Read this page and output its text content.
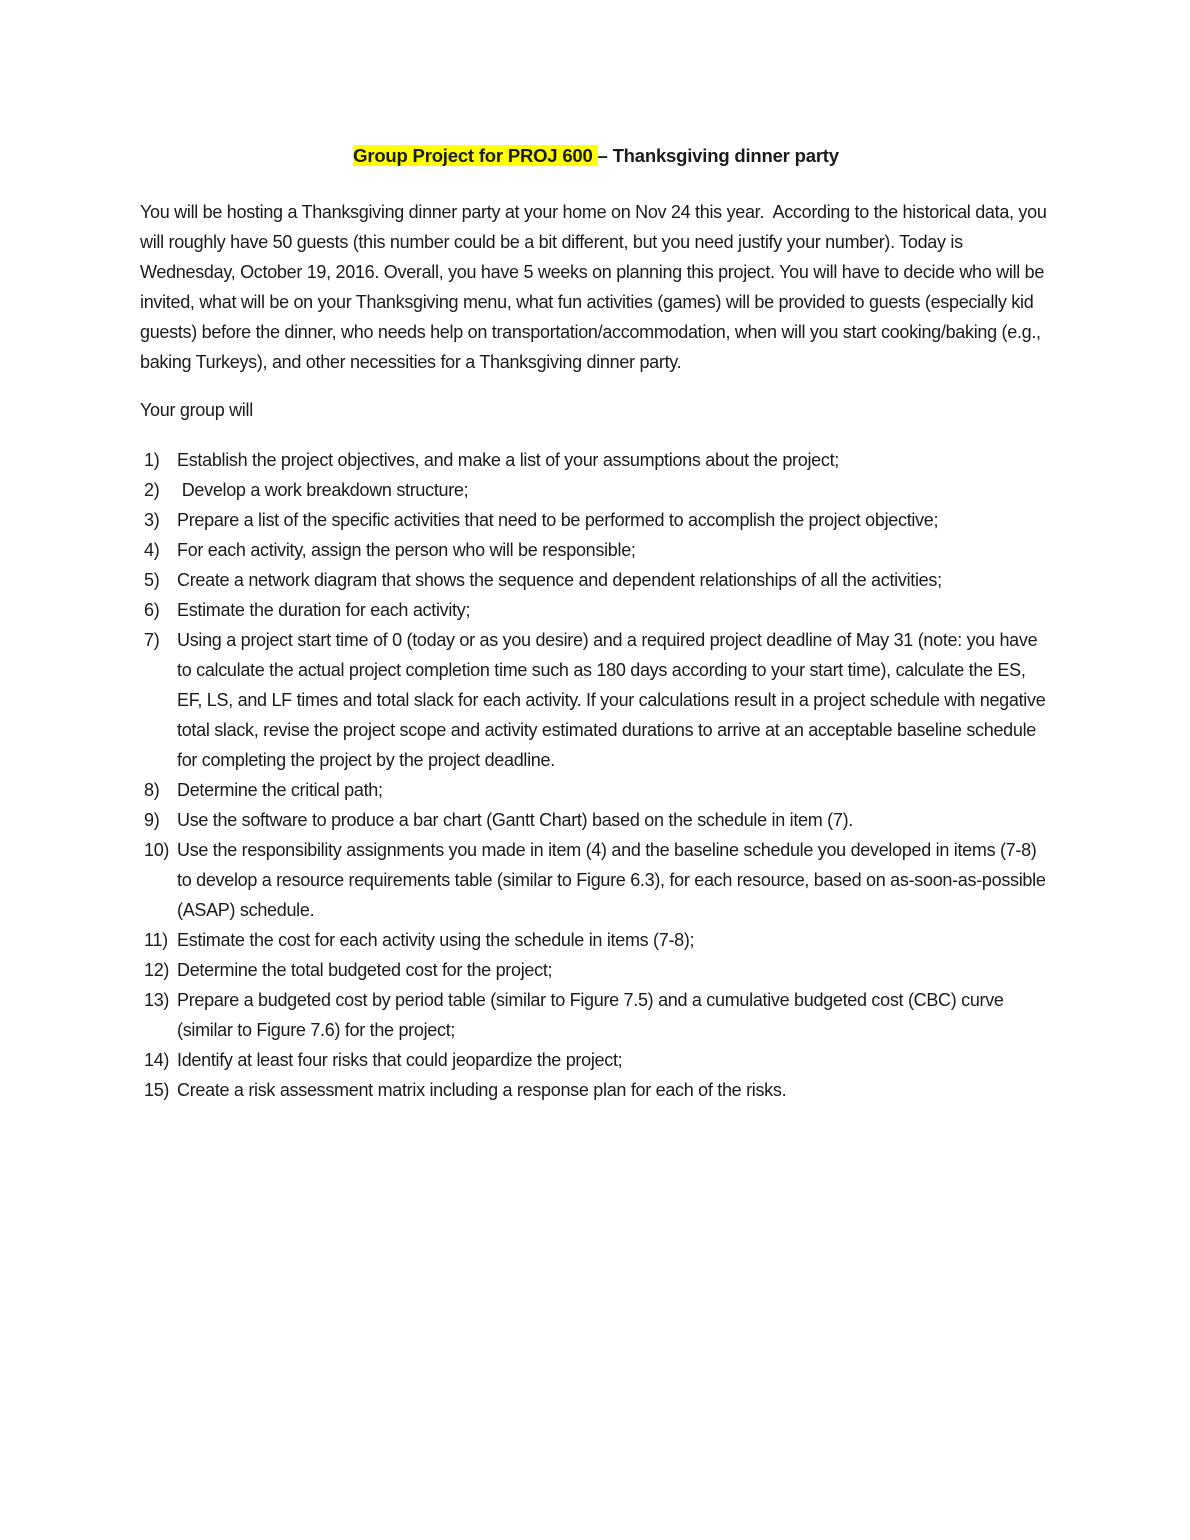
Group Project for PROJ 600 – Thanksgiving dinner party

You will be hosting a Thanksgiving dinner party at your home on Nov 24 this year.  According to the historical data, you will roughly have 50 guests (this number could be a bit different, but you need justify your number). Today is Wednesday, October 19, 2016. Overall, you have 5 weeks on planning this project. You will have to decide who will be invited, what will be on your Thanksgiving menu, what fun activities (games) will be provided to guests (especially kid guests) before the dinner, who needs help on transportation/accommodation, when will you start cooking/baking (e.g., baking Turkeys), and other necessities for a Thanksgiving dinner party.

Your group will

1) Establish the project objectives, and make a list of your assumptions about the project;
2) Develop a work breakdown structure;
3) Prepare a list of the specific activities that need to be performed to accomplish the project objective;
4) For each activity, assign the person who will be responsible;
5) Create a network diagram that shows the sequence and dependent relationships of all the activities;
6) Estimate the duration for each activity;
7) Using a project start time of 0 (today or as you desire) and a required project deadline of May 31 (note: you have to calculate the actual project completion time such as 180 days according to your start time), calculate the ES, EF, LS, and LF times and total slack for each activity. If your calculations result in a project schedule with negative total slack, revise the project scope and activity estimated durations to arrive at an acceptable baseline schedule for completing the project by the project deadline.
8) Determine the critical path;
9) Use the software to produce a bar chart (Gantt Chart) based on the schedule in item (7).
10) Use the responsibility assignments you made in item (4) and the baseline schedule you developed in items (7-8) to develop a resource requirements table (similar to Figure 6.3), for each resource, based on as-soon-as-possible (ASAP) schedule.
11) Estimate the cost for each activity using the schedule in items (7-8);
12) Determine the total budgeted cost for the project;
13) Prepare a budgeted cost by period table (similar to Figure 7.5) and a cumulative budgeted cost (CBC) curve (similar to Figure 7.6) for the project;
14) Identify at least four risks that could jeopardize the project;
15) Create a risk assessment matrix including a response plan for each of the risks.
